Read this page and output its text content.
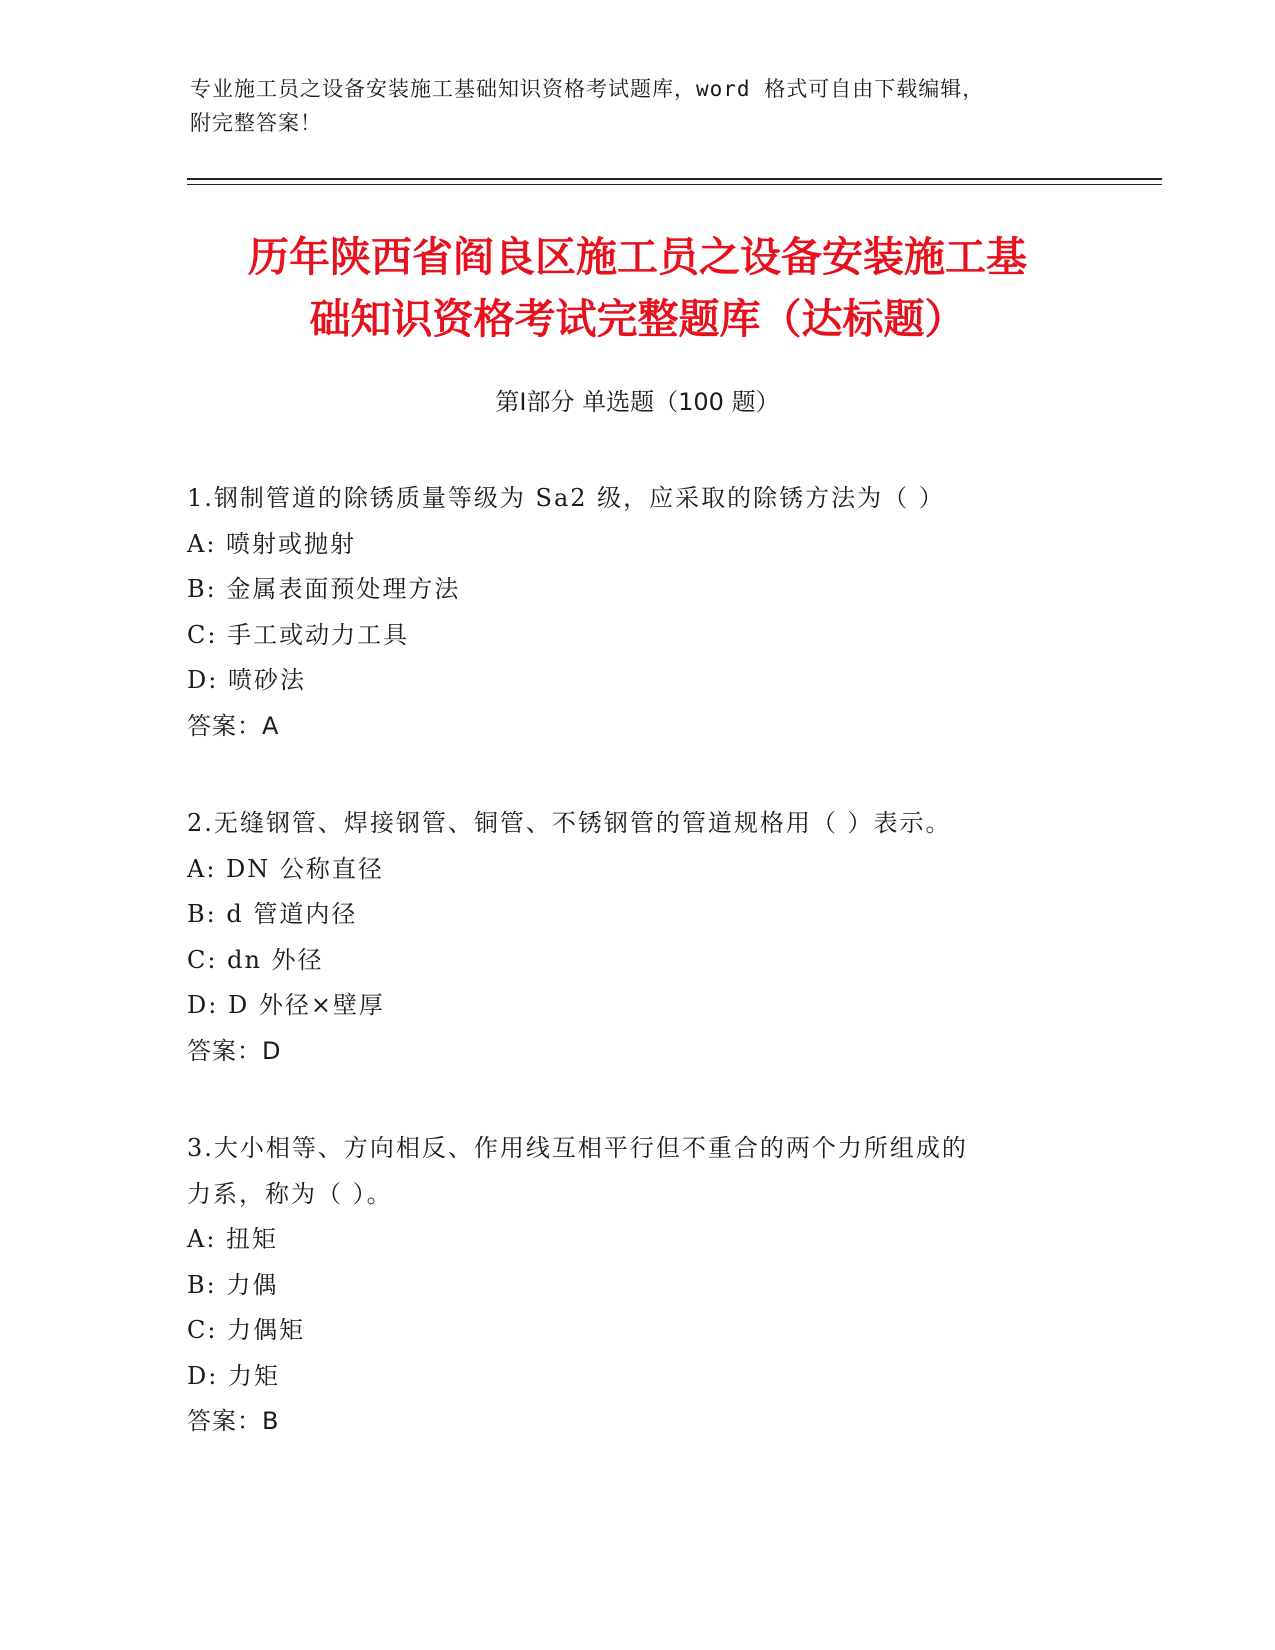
专业施工员之设备安装施工基础知识资格考试题库，word 格式可自由下载编辑，
附完整答案！
历年陕西省阎良区施工员之设备安装施工基
础知识资格考试完整题库（达标题）
第Ⅰ部分 单选题（100 题）
1.钢制管道的除锈质量等级为 Sa2 级，应采取的除锈方法为（ ）

A: 喷射或抛射

B: 金属表面预处理方法

C: 手工或动力工具

D: 喷砂法

答案：A

2.无缝钢管、焊接钢管、铜管、不锈钢管的管道规格用（ ）表示。

A: DN 公称直径

B: d 管道内径

C: dn 外径

D: D 外径×壁厚

答案：D

3.大小相等、方向相反、作用线互相平行但不重合的两个力所组成的
力系，称为（ ）。

A: 扭矩

B: 力偶

C: 力偶矩

D: 力矩

答案：B
